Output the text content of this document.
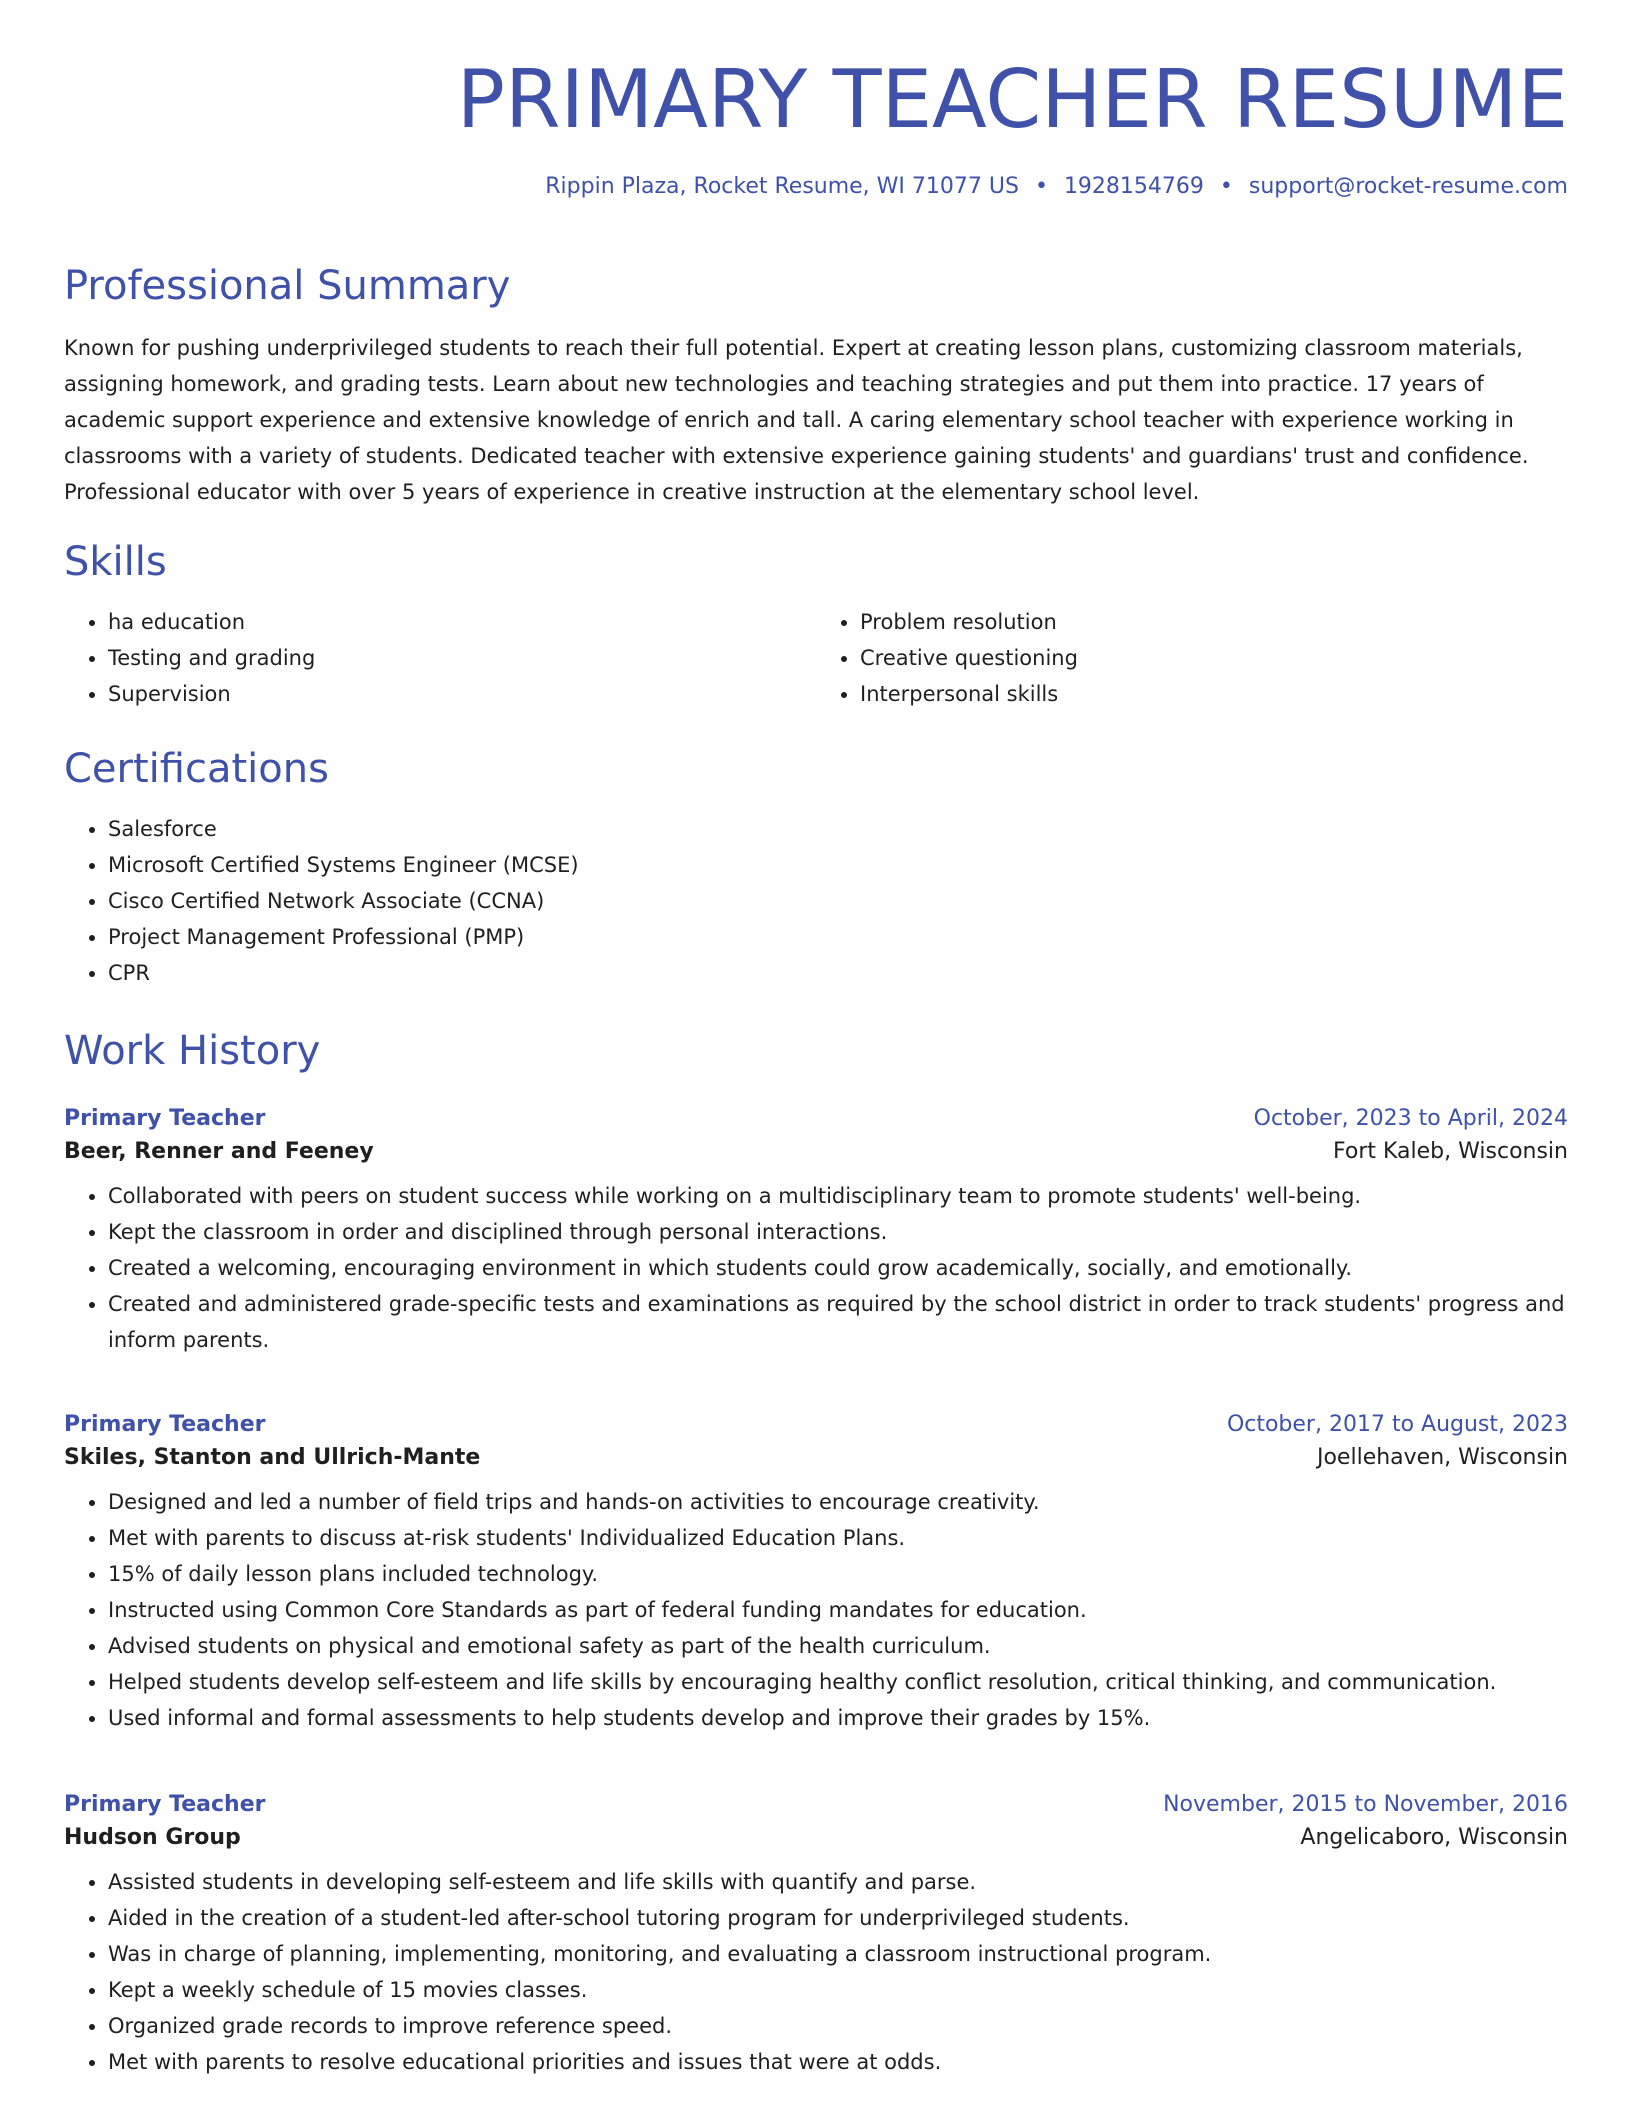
PRIMARY TEACHER RESUME
Rippin Plaza, Rocket Resume, WI 71077 US • 1928154769 • support@rocket-resume.com
Professional Summary

Known for pushing underprivileged students to reach their full potential. Expert at creating lesson plans, customizing classroom materials, assigning homework, and grading tests. Learn about new technologies and teaching strategies and put them into practice. 17 years of academic support experience and extensive knowledge of enrich and tall. A caring elementary school teacher with experience working in classrooms with a variety of students. Dedicated teacher with extensive experience gaining students' and guardians' trust and confidence. Professional educator with over 5 years of experience in creative instruction at the elementary school level.

Skills
• ha education
• Testing and grading
• Supervision
• Problem resolution
• Creative questioning
• Interpersonal skills
Certifications
• Salesforce
• Microsoft Certified Systems Engineer (MCSE)
• Cisco Certified Network Associate (CCNA)
• Project Management Professional (PMP)
• CPR
Work History
Primary Teacher	October, 2023 to April, 2024
Beer, Renner and Feeney	Fort Kaleb, Wisconsin
• Collaborated with peers on student success while working on a multidisciplinary team to promote students' well-being.
• Kept the classroom in order and disciplined through personal interactions.
• Created a welcoming, encouraging environment in which students could grow academically, socially, and emotionally.
• Created and administered grade-specific tests and examinations as required by the school district in order to track students' progress and inform parents.
Primary Teacher	October, 2017 to August, 2023
Skiles, Stanton and Ullrich-Mante	Joellehaven, Wisconsin
• Designed and led a number of field trips and hands-on activities to encourage creativity.
• Met with parents to discuss at-risk students' Individualized Education Plans.
• 15% of daily lesson plans included technology.
• Instructed using Common Core Standards as part of federal funding mandates for education.
• Advised students on physical and emotional safety as part of the health curriculum.
• Helped students develop self-esteem and life skills by encouraging healthy conflict resolution, critical thinking, and communication.
• Used informal and formal assessments to help students develop and improve their grades by 15%.
Primary Teacher	November, 2015 to November, 2016
Hudson Group	Angelicaboro, Wisconsin
• Assisted students in developing self-esteem and life skills with quantify and parse.
• Aided in the creation of a student-led after-school tutoring program for underprivileged students.
• Was in charge of planning, implementing, monitoring, and evaluating a classroom instructional program.
• Kept a weekly schedule of 15 movies classes.
• Organized grade records to improve reference speed.
• Met with parents to resolve educational priorities and issues that were at odds.
